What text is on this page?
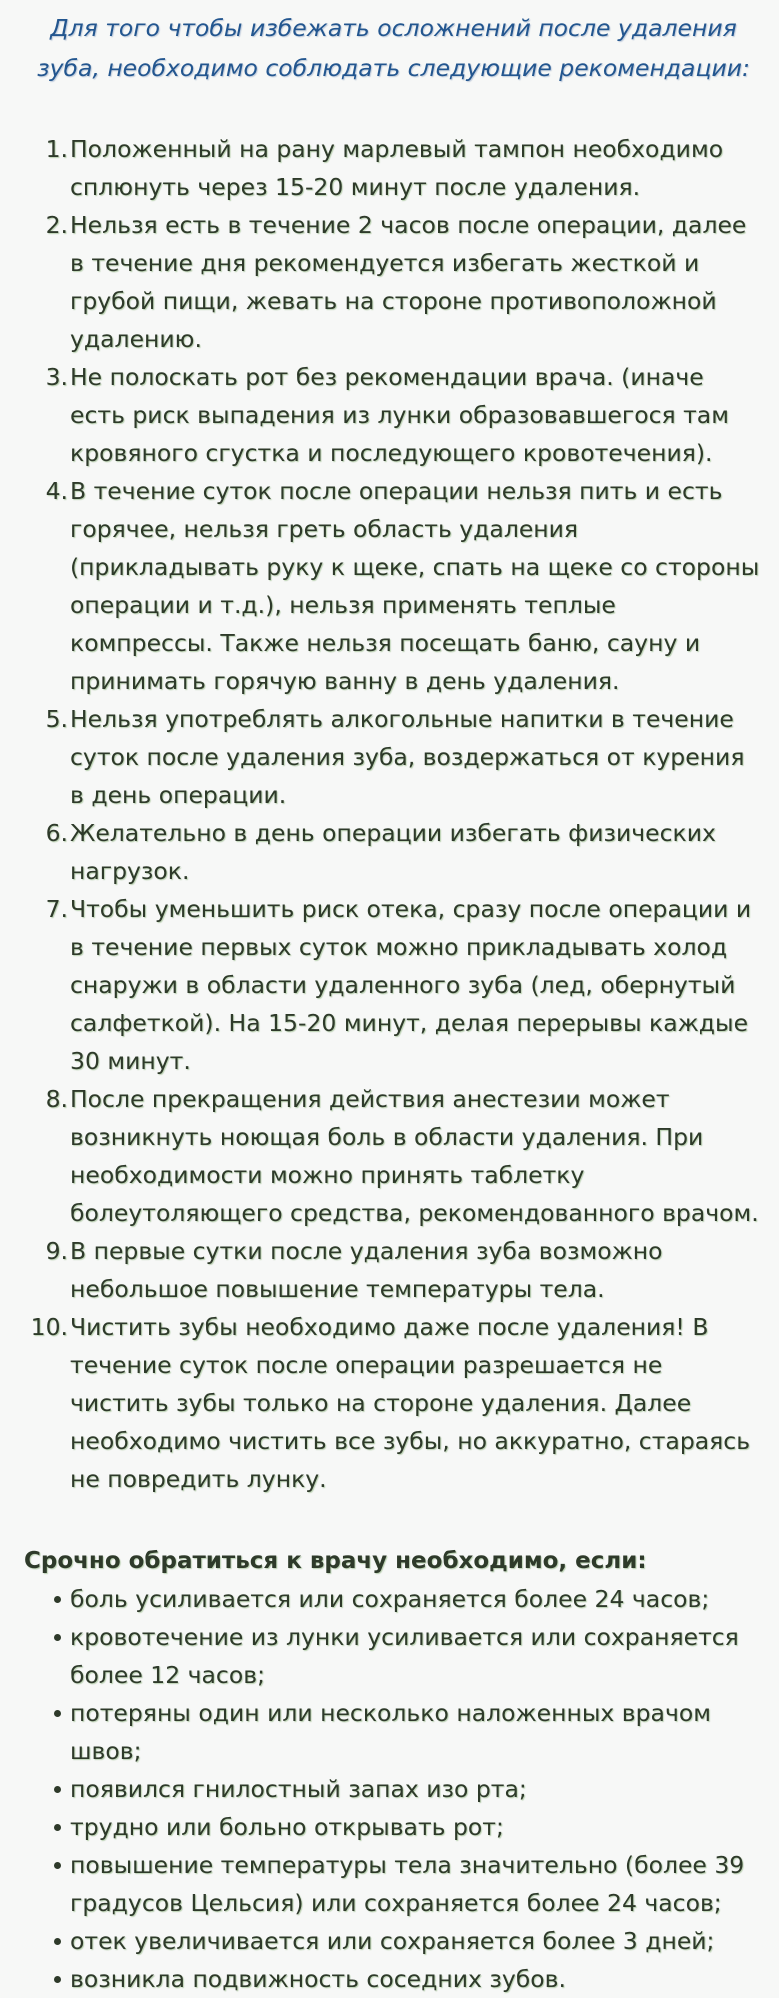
Для того чтобы избежать осложнений после удаления зуба, необходимо соблюдать следующие рекомендации:

1. Положенный на рану марлевый тампон необходимо сплюнуть через 15-20 минут после удаления.
2. Нельзя есть в течение 2 часов после операции, далее в течение дня рекомендуется избегать жесткой и грубой пищи, жевать на стороне противоположной удалению.
3. Не полоскать рот без рекомендации врача. (иначе есть риск выпадения из лунки образовавшегося там кровяного сгустка и последующего кровотечения).
4. В течение суток после операции нельзя пить и есть горячее, нельзя греть область удаления (прикладывать руку к щеке, спать на щеке со стороны операции и т.д.), нельзя применять теплые компрессы. Также нельзя посещать баню, сауну и принимать горячую ванну в день удаления.
5. Нельзя употреблять алкогольные напитки в течение суток после удаления зуба, воздержаться от курения в день операции.
6. Желательно в день операции избегать физических нагрузок.
7. Чтобы уменьшить риск отека, сразу после операции и в течение первых суток можно прикладывать холод снаружи в области удаленного зуба (лед, обернутый салфеткой). На 15-20 минут, делая перерывы каждые 30 минут.
8. После прекращения действия анестезии может возникнуть ноющая боль в области удаления. При необходимости можно принять таблетку болеутоляющего средства, рекомендованного врачом.
9. В первые сутки после удаления зуба возможно небольшое повышение температуры тела.
10. Чистить зубы необходимо даже после удаления! В течение суток после операции разрешается не чистить зубы только на стороне удаления. Далее необходимо чистить все зубы, но аккуратно, стараясь не повредить лунку.

Срочно обратиться к врачу необходимо, если:

боль усиливается или сохраняется более 24 часов;
кровотечение из лунки усиливается или сохраняется более 12 часов;
потеряны один или несколько наложенных врачом швов;
появился гнилостный запах изо рта;
трудно или больно открывать рот;
повышение температуры тела значительно (более 39 градусов Цельсия) или сохраняется более 24 часов;
отек увеличивается или сохраняется более 3 дней;
возникла подвижность соседних зубов.
